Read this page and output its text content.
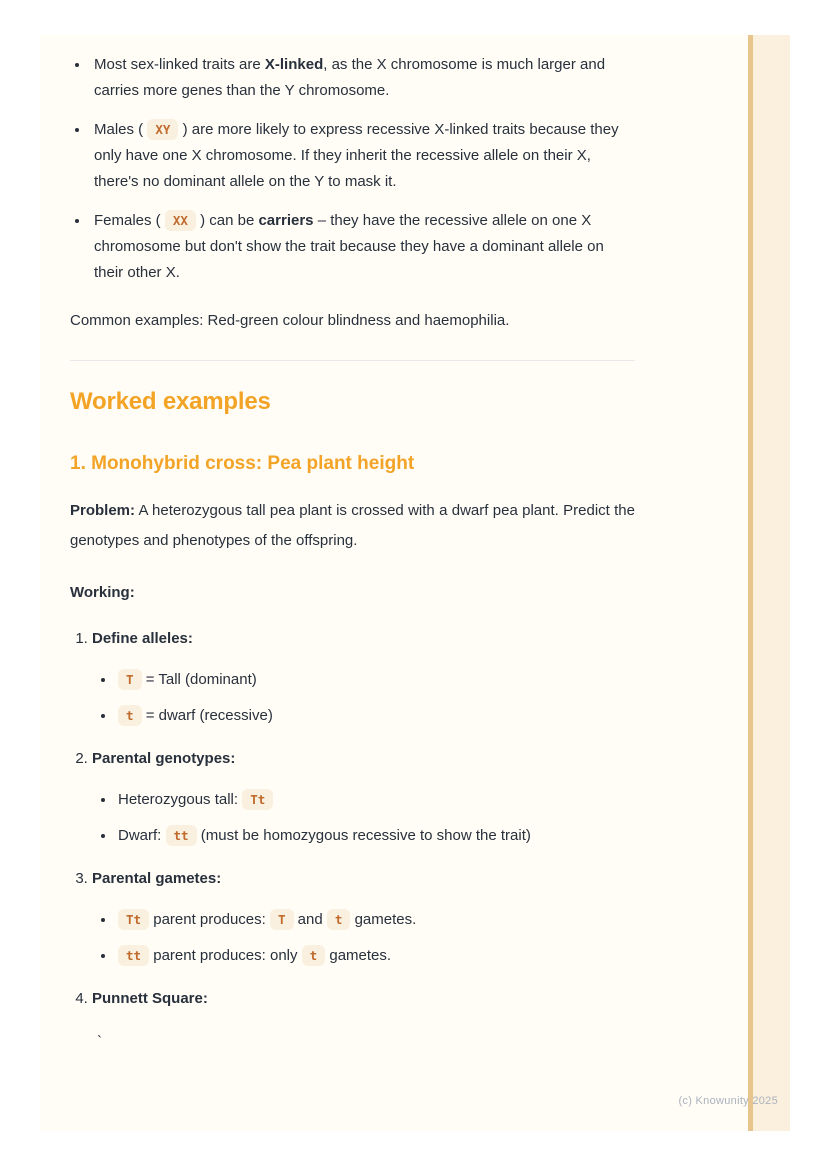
• Most sex-linked traits are X-linked, as the X chromosome is much larger and carries more genes than the Y chromosome.
• Males ( XY ) are more likely to express recessive X-linked traits because they only have one X chromosome. If they inherit the recessive allele on their X, there's no dominant allele on the Y to mask it.
• Females ( XX ) can be carriers – they have the recessive allele on one X chromosome but don't show the trait because they have a dominant allele on their other X.

Common examples: Red-green colour blindness and haemophilia.

Worked examples
1. Monohybrid cross: Pea plant height

Problem: A heterozygous tall pea plant is crossed with a dwarf pea plant. Predict the genotypes and phenotypes of the offspring.

Working:

1. Define alleles:
• T = Tall (dominant)
• t = dwarf (recessive)
2. Parental genotypes:
• Heterozygous tall: Tt
• Dwarf: tt (must be homozygous recessive to show the trait)
3. Parental gametes:
• Tt parent produces: T and t gametes.
• tt parent produces: only t gametes.
4. Punnett Square:

`

(c) Knowunity 2025
